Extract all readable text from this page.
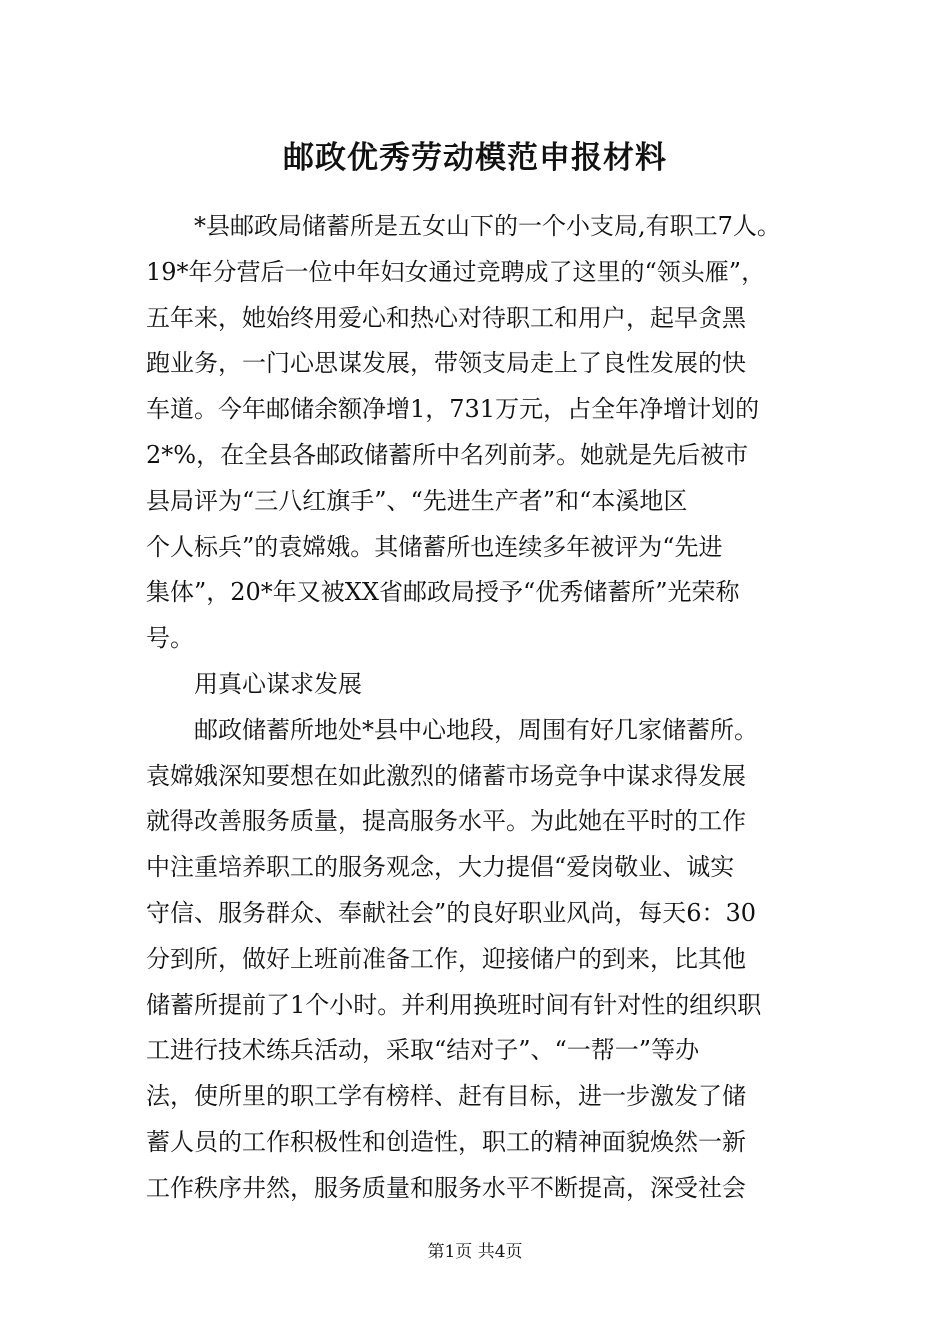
邮政优秀劳动模范申报材料

*县邮政局储蓄所是五女山下的一个小支局,有职工7人。
19*年分营后一位中年妇女通过竞聘成了这里的“领头雁”，
五年来，她始终用爱心和热心对待职工和用户，起早贪黑
跑业务，一门心思谋发展，带领支局走上了良性发展的快
车道。今年邮储余额净增1，731万元，占全年净增计划的
2*%，在全县各邮政储蓄所中名列前茅。她就是先后被市
县局评为“三八红旗手”、“先进生产者”和“本溪地区
个人标兵”的袁嫦娥。其储蓄所也连续多年被评为“先进
集体”，20*年又被XX省邮政局授予“优秀储蓄所”光荣称
号。

用真心谋求发展

邮政储蓄所地处*县中心地段，周围有好几家储蓄所。
袁嫦娥深知要想在如此激烈的储蓄市场竞争中谋求得发展
就得改善服务质量，提高服务水平。为此她在平时的工作
中注重培养职工的服务观念，大力提倡“爱岗敬业、诚实
守信、服务群众、奉献社会”的良好职业风尚，每天6：30
分到所，做好上班前准备工作，迎接储户的到来，比其他
储蓄所提前了1个小时。并利用换班时间有针对性的组织职
工进行技术练兵活动，采取“结对子”、“一帮一”等办
法，使所里的职工学有榜样、赶有目标，进一步激发了储
蓄人员的工作积极性和创造性，职工的精神面貌焕然一新
工作秩序井然，服务质量和服务水平不断提高，深受社会

第1页 共4页
